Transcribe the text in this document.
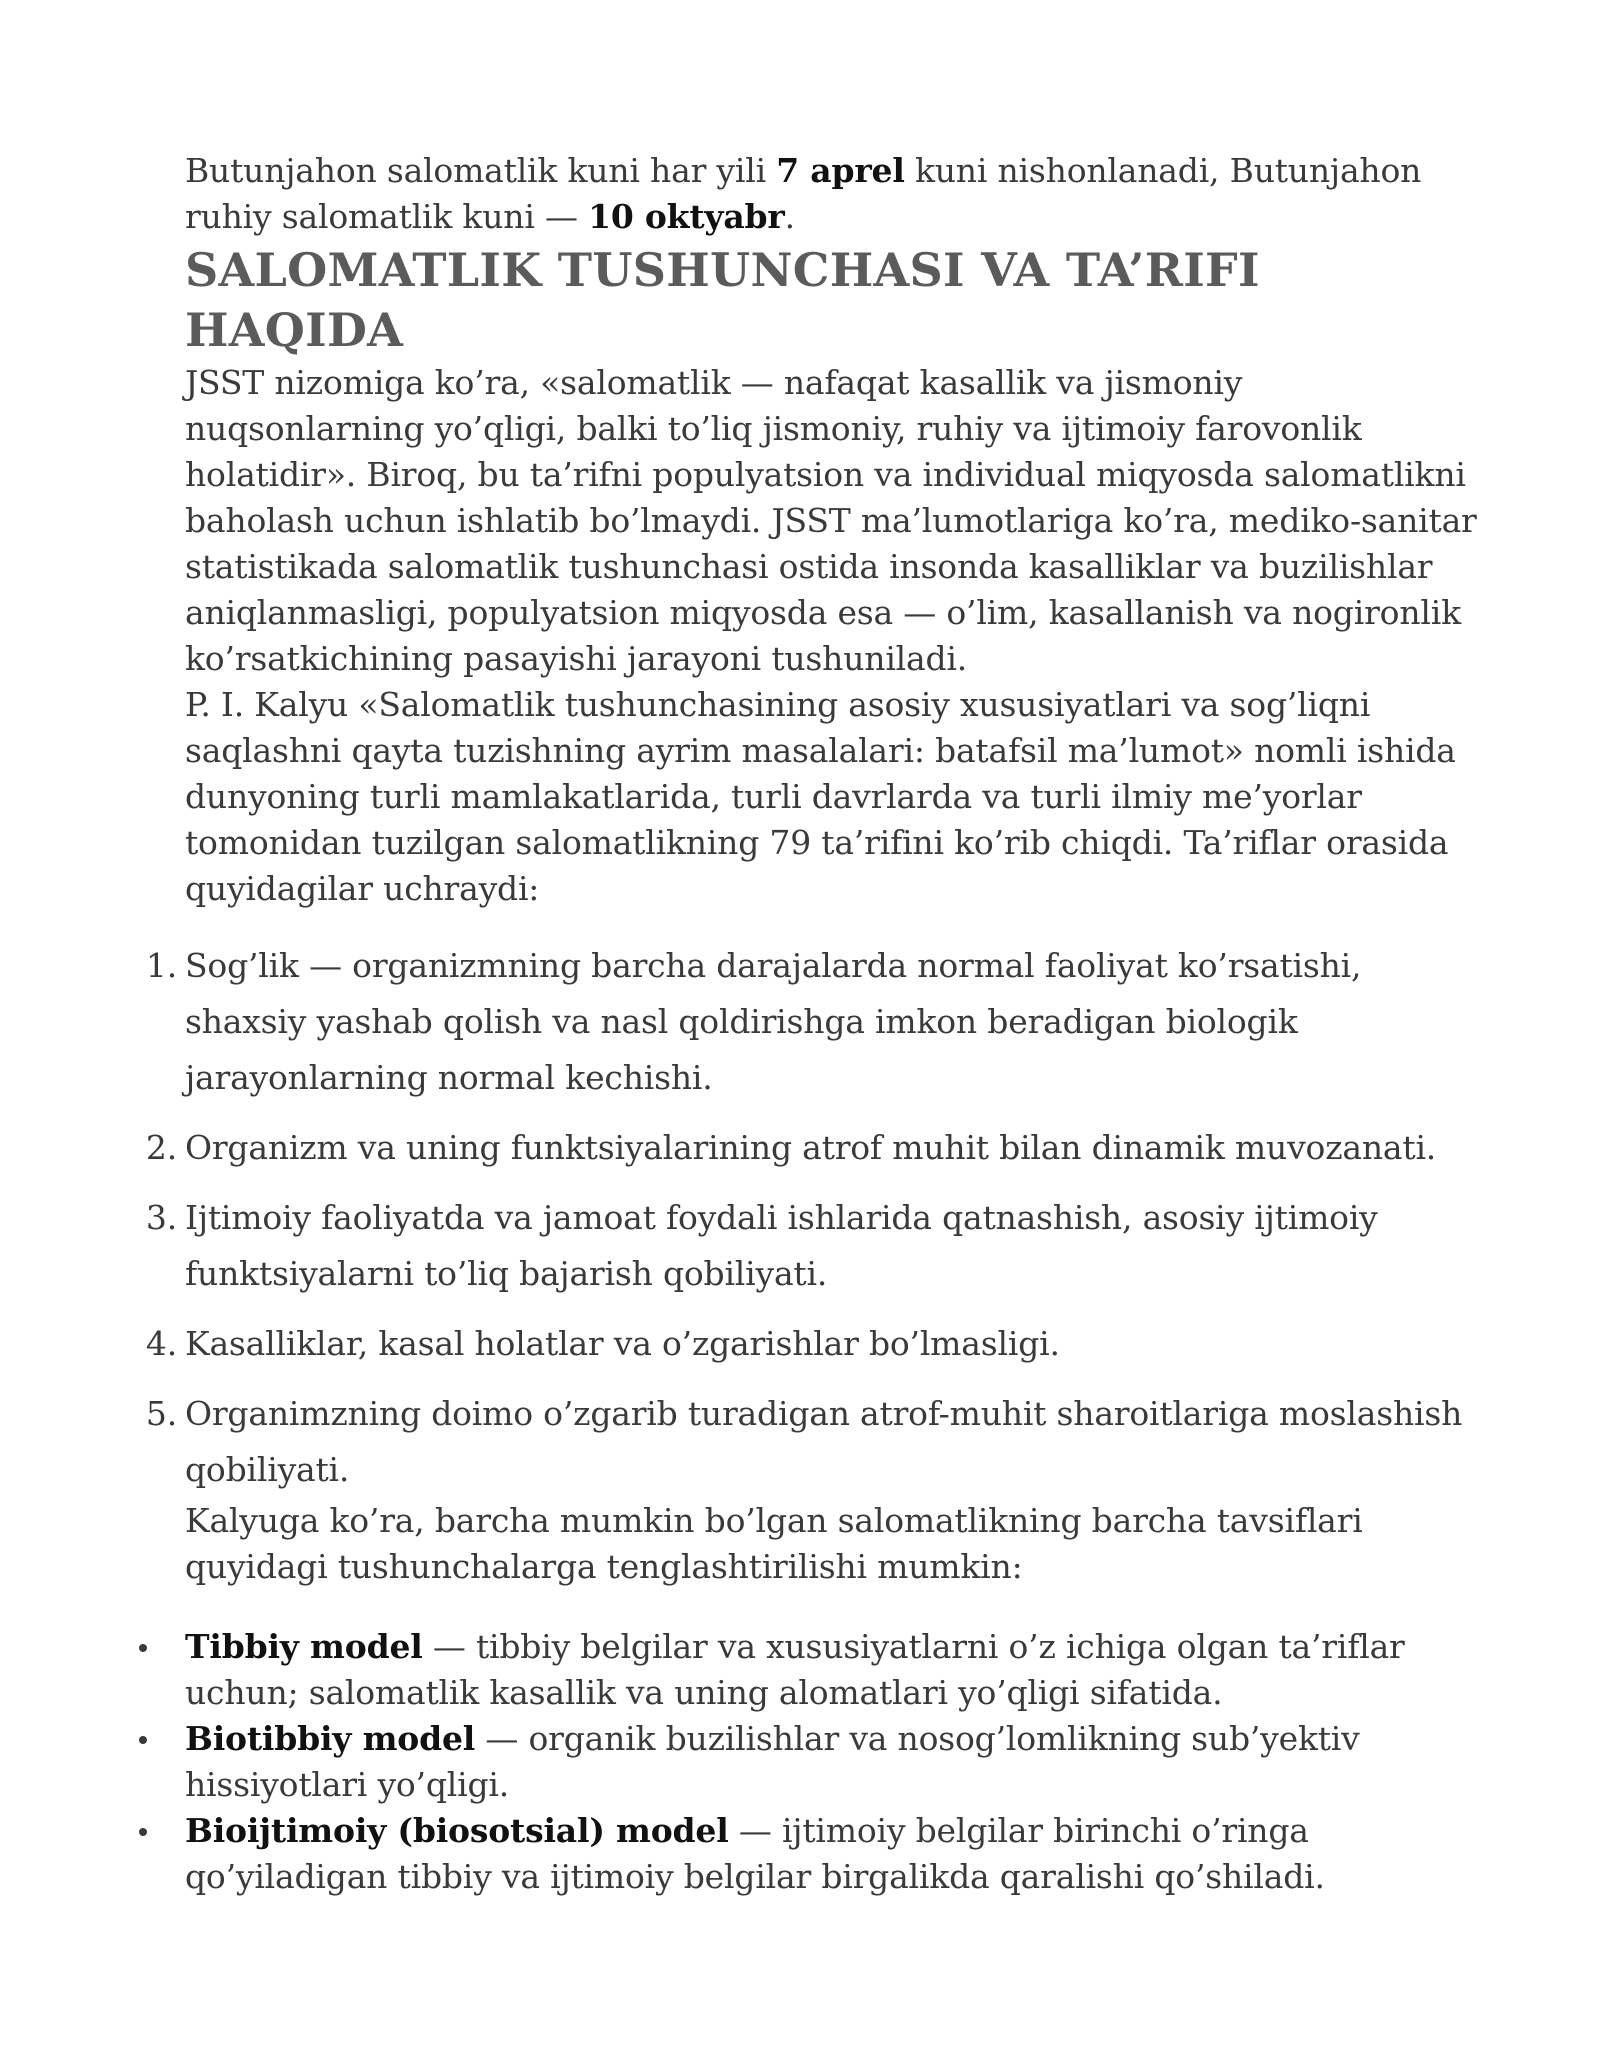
Butunjahon salomatlik kuni har yili 7 aprel kuni nishonlanadi, Butunjahon ruhiy salomatlik kuni — 10 oktyabr.

SALOMATLIK TUSHUNCHASI VA TA’RIFI HAQIDA

JSST nizomiga ko’ra, «salomatlik — nafaqat kasallik va jismoniy nuqsonlarning yo’qligi, balki to’liq jismoniy, ruhiy va ijtimoiy farovonlik holatidir». Biroq, bu ta’rifni populyatsion va individual miqyosda salomatlikni baholash uchun ishlatib bo’lmaydi. JSST ma’lumotlariga ko’ra, mediko-sanitar statistikada salomatlik tushunchasi ostida insonda kasalliklar va buzilishlar aniqlanmasligi, populyatsion miqyosda esa — o’lim, kasallanish va nogironlik ko’rsatkichining pasayishi jarayoni tushuniladi.

P. I. Kalyu «Salomatlik tushunchasining asosiy xususiyatlari va sog’liqni saqlashni qayta tuzishning ayrim masalalari: batafsil ma’lumot» nomli ishida dunyoning turli mamlakatlarida, turli davrlarda va turli ilmiy me’yorlar tomonidan tuzilgan salomatlikning 79 ta’rifini ko’rib chiqdi. Ta’riflar orasida quyidagilar uchraydi:

1. Sog’lik — organizmning barcha darajalarda normal faoliyat ko’rsatishi, shaxsiy yashab qolish va nasl qoldirishga imkon beradigan biologik jarayonlarning normal kechishi.
2. Organizm va uning funktsiyalarining atrof muhit bilan dinamik muvozanati.
3. Ijtimoiy faoliyatda va jamoat foydali ishlarida qatnashish, asosiy ijtimoiy funktsiyalarni to’liq bajarish qobiliyati.
4. Kasalliklar, kasal holatlar va o’zgarishlar bo’lmasligi.
5. Organimzning doimo o’zgarib turadigan atrof-muhit sharoitlariga moslashish qobiliyati.

Kalyuga ko’ra, barcha mumkin bo’lgan salomatlikning barcha tavsiflari quyidagi tushunchalarga tenglashtirilishi mumkin:

Tibbiy model — tibbiy belgilar va xususiyatlarni o’z ichiga olgan ta’riflar uchun; salomatlik kasallik va uning alomatlari yo’qligi sifatida.
Biotibbiy model — organik buzilishlar va nosog’lomlikning sub’yektiv hissiyotlari yo’qligi.
Bioijtimoiy (biosotsial) model — ijtimoiy belgilar birinchi o’ringa qo’yiladigan tibbiy va ijtimoiy belgilar birgalikda qaralishi qo’shiladi.
